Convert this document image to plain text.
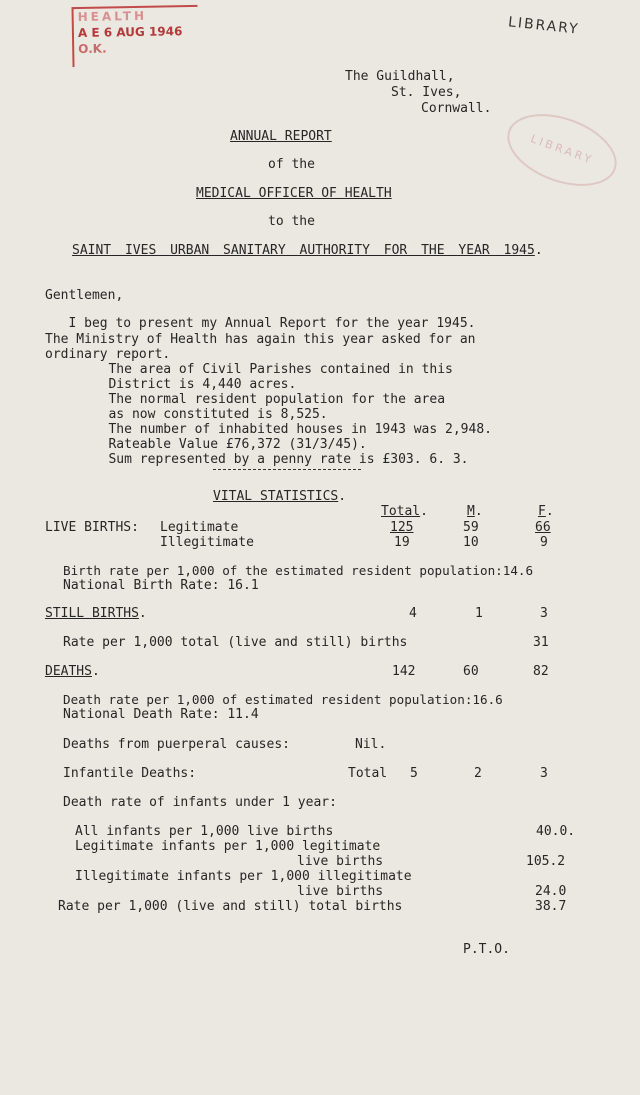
HEALTH
A E 6 AUG 1946
O.K.
LIBRARY
LIBRARY
The Guildhall,
St. Ives,
Cornwall.
ANNUAL REPORT
of the
MEDICAL OFFICER OF HEALTH
to the
SAINT IVES URBAN SANITARY AUTHORITY FOR THE YEAR 1945.
Gentlemen,
I beg to present my Annual Report for the year 1945.
The Ministry of Health has again this year asked for an
ordinary report.
The area of Civil Parishes contained in this
District is 4,440 acres.
The normal resident population for the area
as now constituted is 8,525.
The number of inhabited houses in 1943 was 2,948.
Rateable Value £76,372 (31/3/45).
Sum represented by a penny rate is £303. 6. 3.
VITAL STATISTICS.
Total.	M.	F.
LIVE BIRTHS: Legitimate	125	59	66
Illegitimate	19	10	9
Birth rate per 1,000 of the estimated resident population:14.6
National Birth Rate: 16.1
STILL BIRTHS.	4	1	3
Rate per 1,000 total (live and still) births	31
DEATHS.	142	60	82
Death rate per 1,000 of estimated resident population:16.6
National Death Rate: 11.4
Deaths from puerperal causes:	Nil.
Infantile Deaths:	Total 5	2	3
Death rate of infants under 1 year:
All infants per 1,000 live births	40.0.
Legitimate infants per 1,000 legitimate
live births	105.2
Illegitimate infants per 1,000 illegitimate
live births	24.0
Rate per 1,000 (live and still) total births	38.7
P.T.O.
